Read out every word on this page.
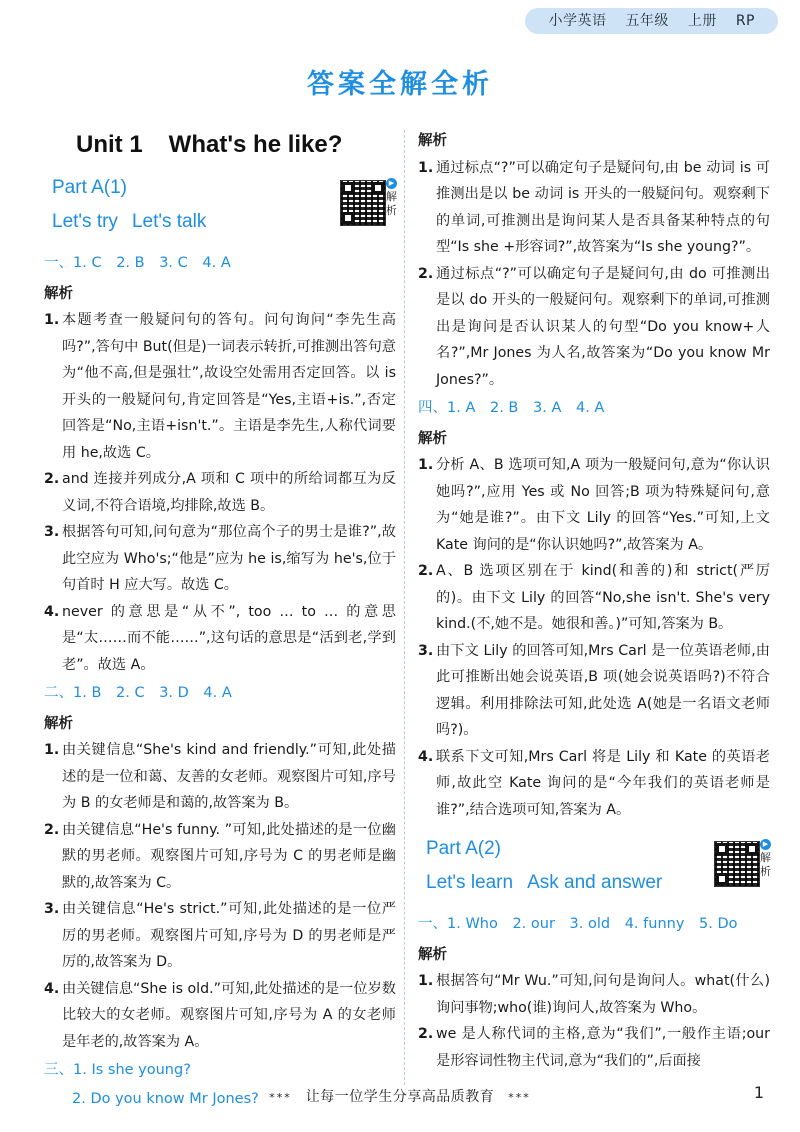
小学英语 五年级 上册 RP
答案全解全析
Unit 1 What's he like?
Part A(1)
Let's try Let's talk
▶
解析
一、1. C 2. B 3. C 4. A
解析
1. 本题考查一般疑问句的答句。问句询问“李先生高吗?”,答句中 But(但是)一词表示转折,可推测出答句意为“他不高,但是强壮”,故设空处需用否定回答。以 is 开头的一般疑问句,肯定回答是“Yes,主语+is.”,否定回答是“No,主语+isn't.”。主语是李先生,人称代词要用 he,故选 C。
2. and 连接并列成分,A 项和 C 项中的所给词都互为反义词,不符合语境,均排除,故选 B。
3. 根据答句可知,问句意为“那位高个子的男士是谁?”,故此空应为 Who's;“他是”应为 he is,缩写为 he's,位于句首时 H 应大写。故选 C。
4. never 的意思是“从不”, too … to … 的意思是“太……而不能……”,这句话的意思是“活到老,学到老”。故选 A。
二、1. B 2. C 3. D 4. A
解析
1. 由关键信息“She's kind and friendly.”可知,此处描述的是一位和蔼、友善的女老师。观察图片可知,序号为 B 的女老师是和蔼的,故答案为 B。
2. 由关键信息“He's funny. ”可知,此处描述的是一位幽默的男老师。观察图片可知,序号为 C 的男老师是幽默的,故答案为 C。
3. 由关键信息“He's strict.”可知,此处描述的是一位严厉的男老师。观察图片可知,序号为 D 的男老师是严厉的,故答案为 D。
4. 由关键信息“She is old.”可知,此处描述的是一位岁数比较大的女老师。观察图片可知,序号为 A 的女老师是年老的,故答案为 A。
三、1. Is she young?
2. Do you know Mr Jones?
解析
1. 通过标点“?”可以确定句子是疑问句,由 be 动词 is 可推测出是以 be 动词 is 开头的一般疑问句。观察剩下的单词,可推测出是询问某人是否具备某种特点的句型“Is she +形容词?”,故答案为“Is she young?”。
2. 通过标点“?”可以确定句子是疑问句,由 do 可推测出是以 do 开头的一般疑问句。观察剩下的单词,可推测出是询问是否认识某人的句型“Do you know+人名?”,Mr Jones 为人名,故答案为“Do you know Mr Jones?”。
四、1. A 2. B 3. A 4. A
解析
1. 分析 A、B 选项可知,A 项为一般疑问句,意为“你认识她吗?”,应用 Yes 或 No 回答;B 项为特殊疑问句,意为“她是谁?”。由下文 Lily 的回答“Yes.”可知,上文 Kate 询问的是“你认识她吗?”,故答案为 A。
2. A、B 选项区别在于 kind(和善的)和 strict(严厉的)。由下文 Lily 的回答“No,she isn't. She's very kind.(不,她不是。她很和善。)”可知,答案为 B。
3. 由下文 Lily 的回答可知,Mrs Carl 是一位英语老师,由此可推断出她会说英语,B 项(她会说英语吗?)不符合逻辑。利用排除法可知,此处选 A(她是一名语文老师吗?)。
4. 联系下文可知,Mrs Carl 将是 Lily 和 Kate 的英语老师,故此空 Kate 询问的是“今年我们的英语老师是谁?”,结合选项可知,答案为 A。
Part A(2)
Let's learn Ask and answer
▶
解析
一、1. Who 2. our 3. old 4. funny 5. Do
解析
1. 根据答句“Mr Wu.”可知,问句是询问人。what(什么)询问事物;who(谁)询问人,故答案为 Who。
2. we 是人称代词的主格,意为“我们”,一般作主语;our 是形容词性物主代词,意为“我们的”,后面接
*** 让每一位学生分享高品质教育 ***	1
